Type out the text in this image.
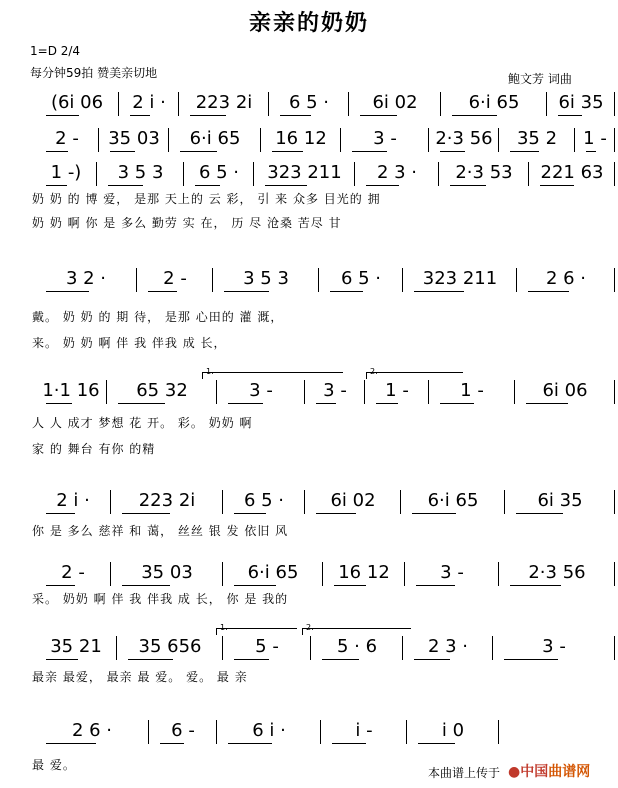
亲亲的奶奶
1=D 2/4
每分钟59拍 赞美亲切地	鲍文芳 词曲
(6i 06	2 i ·	223 2i	6 5 ·	6i 02	6·i 65	6i 35
2 -	35 03	6·i 65	16 12	3 -	2·3 56	35 2	1 -
1 -)	3 5 3	6 5 ·	323 211	2 3 ·	2·3 53	221 63
奶 奶 的 博 爱， 是那 天上的 云 彩， 引 来 众多 目光的 拥
奶 奶 啊 你 是 多么 勤劳 实 在， 历 尽 沧桑 苦尽 甘
3 2 ·	2 -	3 5 3	6 5 ·	323 211	2 6 ·
戴。 奶 奶 的 期 待， 是那 心田的 灌 溉，
来。 奶 奶 啊 伴 我 伴我 成 长，
1·1 16	65 32	3 -	3 -	1 -	1 -	6i 06
人 人 成才 梦想 花 开。 彩。 奶奶 啊
家 的 舞台 有你 的精
2 i ·	223 2i	6 5 ·	6i 02	6·i 65	6i 35
你 是 多么 慈祥 和 蔼， 丝丝 银 发 依旧 风
2 -	35 03	6·i 65	16 12	3 -	2·3 56
采。 奶奶 啊 伴 我 伴我 成 长， 你 是 我的
35 21	35 656	5 -	5 · 6	2 3 ·	3 -
最亲 最爱， 最亲 最 爱。 爱。 最 亲
2 6 ·	6 -	6 i ·	i -	i 0
最 爱。
1.	2.
1.	2.
本曲谱上传于 ●中国曲谱网
